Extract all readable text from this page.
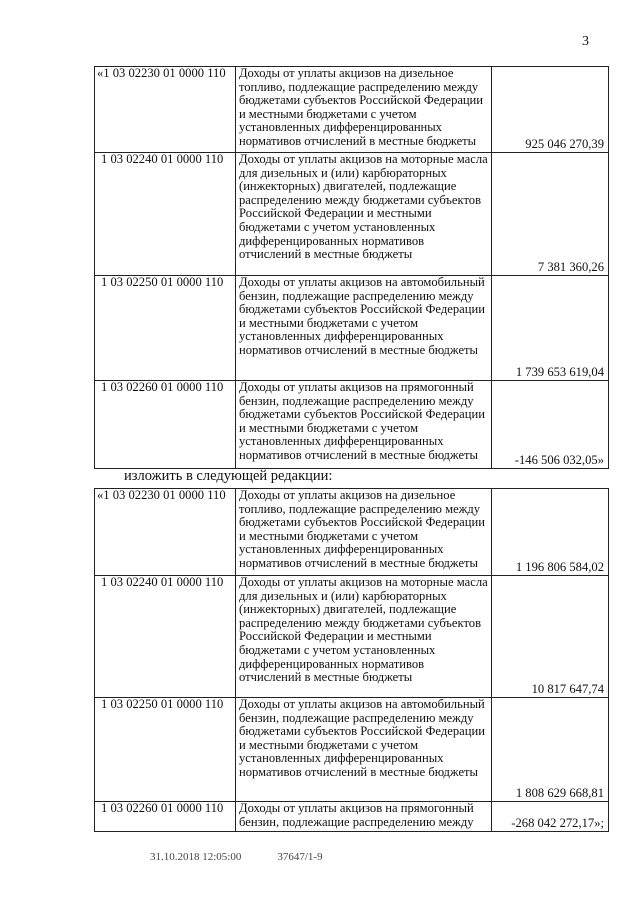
3
«1 03 02230 01 0000 110	Доходы от уплаты акцизов на дизельное топливо, подлежащие распределению между бюджетами субъектов Российской Федерации и местными бюджетами с учетом установленных дифференцированных нормативов отчислений в местные бюджеты	925 046 270,39
1 03 02240 01 0000 110	Доходы от уплаты акцизов на моторные масла для дизельных и (или) карбюраторных (инжекторных) двигателей, подлежащие распределению между бюджетами субъектов Российской Федерации и местными бюджетами с учетом установленных дифференцированных нормативов отчислений в местные бюджеты	7 381 360,26
1 03 02250 01 0000 110	Доходы от уплаты акцизов на автомобильный бензин, подлежащие распределению между бюджетами субъектов Российской Федерации и местными бюджетами с учетом установленных дифференцированных нормативов отчислений в местные бюджеты	1 739 653 619,04
1 03 02260 01 0000 110	Доходы от уплаты акцизов на прямогонный бензин, подлежащие распределению между бюджетами субъектов Российской Федерации и местными бюджетами с учетом установленных дифференцированных нормативов отчислений в местные бюджеты	-146 506 032,05»
изложить в следующей редакции:
«1 03 02230 01 0000 110	Доходы от уплаты акцизов на дизельное топливо, подлежащие распределению между бюджетами субъектов Российской Федерации и местными бюджетами с учетом установленных дифференцированных нормативов отчислений в местные бюджеты	1 196 806 584,02
1 03 02240 01 0000 110	Доходы от уплаты акцизов на моторные масла для дизельных и (или) карбюраторных (инжекторных) двигателей, подлежащие распределению между бюджетами субъектов Российской Федерации и местными бюджетами с учетом установленных дифференцированных нормативов отчислений в местные бюджеты	10 817 647,74
1 03 02250 01 0000 110	Доходы от уплаты акцизов на автомобильный бензин, подлежащие распределению между бюджетами субъектов Российской Федерации и местными бюджетами с учетом установленных дифференцированных нормативов отчислений в местные бюджеты	1 808 629 668,81
1 03 02260 01 0000 110	Доходы от уплаты акцизов на прямогонный бензин, подлежащие распределению между	-268 042 272,17»;
31.10.2018 12:05:00	37647/1-9
